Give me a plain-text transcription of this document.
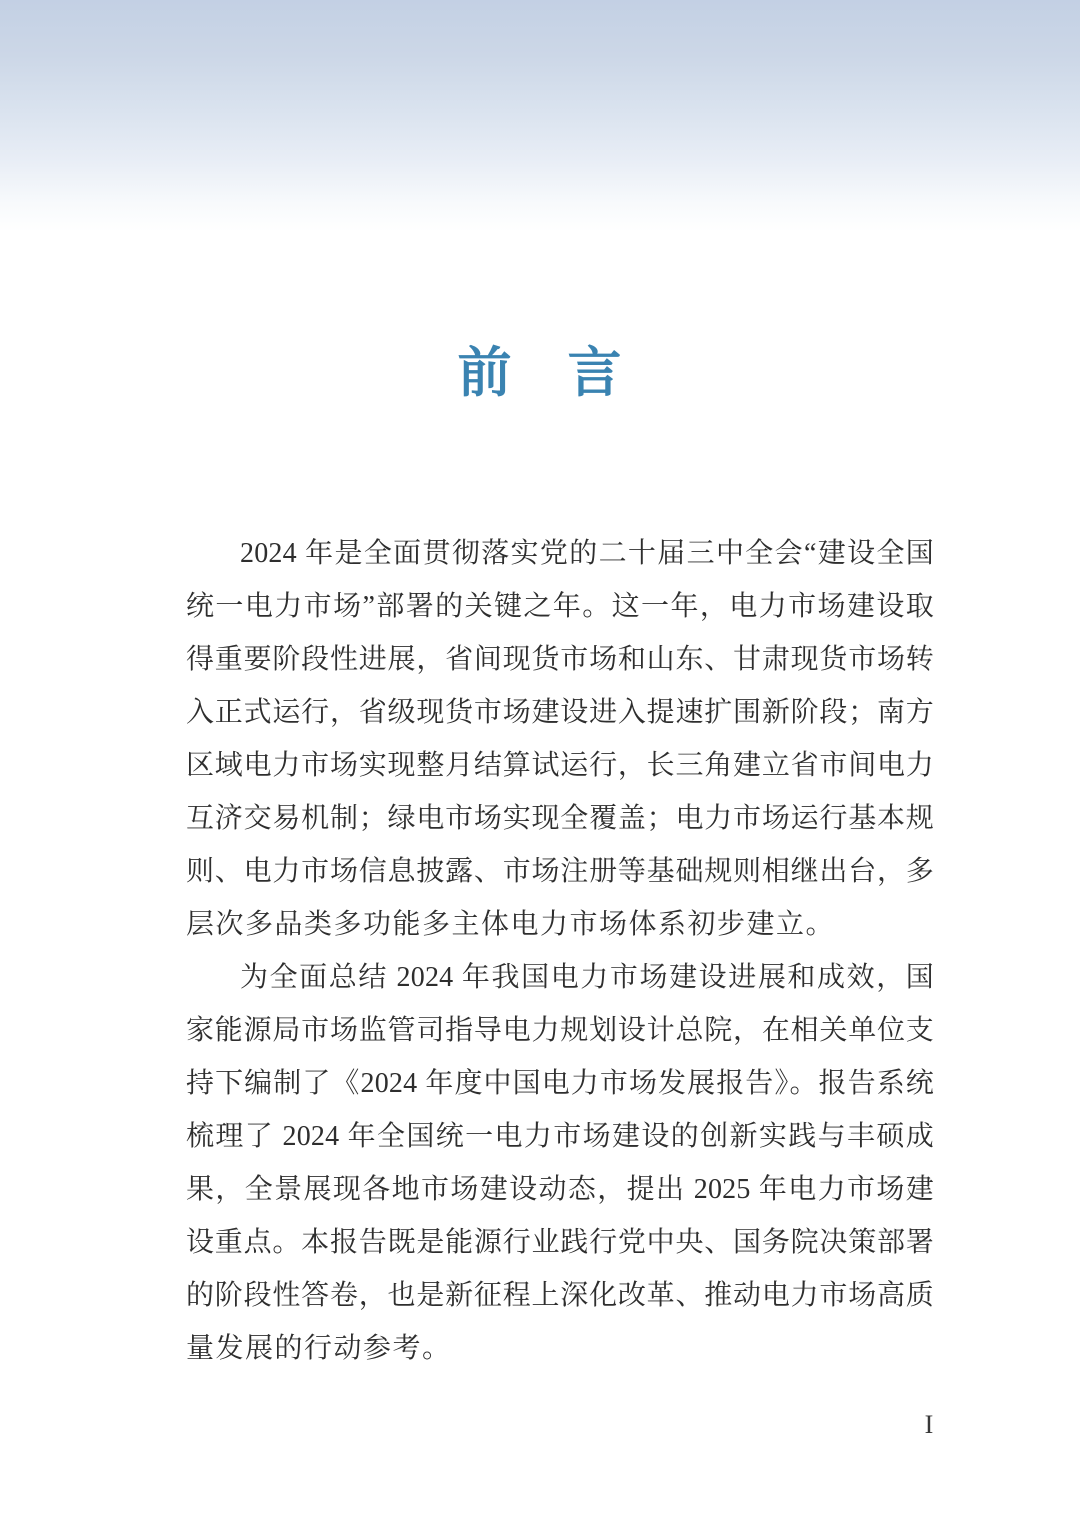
前　言
2024 年是全面贯彻落实党的二十届三中全会“建设全国
统一电力市场”部署的关键之年。这一年，电力市场建设取
得重要阶段性进展，省间现货市场和山东、甘肃现货市场转
入正式运行，省级现货市场建设进入提速扩围新阶段；南方
区域电力市场实现整月结算试运行，长三角建立省市间电力
互济交易机制；绿电市场实现全覆盖；电力市场运行基本规
则、电力市场信息披露、市场注册等基础规则相继出台，多
层次多品类多功能多主体电力市场体系初步建立。
为全面总结 2024 年我国电力市场建设进展和成效，国
家能源局市场监管司指导电力规划设计总院，在相关单位支
持下编制了《2024 年度中国电力市场发展报告》。报告系统
梳理了 2024 年全国统一电力市场建设的创新实践与丰硕成
果，全景展现各地市场建设动态，提出 2025 年电力市场建
设重点。本报告既是能源行业践行党中央、国务院决策部署
的阶段性答卷，也是新征程上深化改革、推动电力市场高质
量发展的行动参考。
I
